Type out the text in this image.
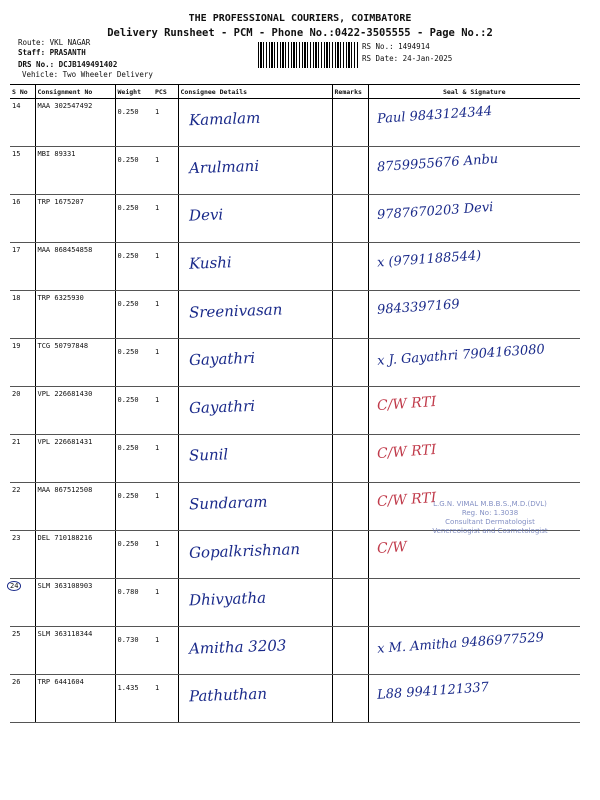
THE PROFESSIONAL COURIERS, COIMBATORE
Delivery Runsheet - PCM - Phone No.:0422-3505555 - Page No.:2
Route: VKL NAGAR
Staff: PRASANTH
DRS No.: DCJB149491402
Vehicle: Two Wheeler Delivery
RS No.: 1494914
RS Date: 24-Jan-2025
S No	Consignment No	Weight	PCS	Consignee Details	Remarks	Seal & Signature
14	MAA 302547492	0.250	1	Kamalam		Paul 9843124344
15	MBI 89331	0.250	1	Arulmani		8759955676 Anbu
16	TRP 1675207	0.250	1	Devi		9787670203 Devi
17	MAA 868454858	0.250	1	Kushi		x (9791188544)
18	TRP 6325930	0.250	1	Sreenivasan		9843397169
19	TCG 50797848	0.250	1	Gayathri		x J. Gayathri 7904163080
20	VPL 226681430	0.250	1	Gayathri		C/W RTI
21	VPL 226681431	0.250	1	Sunil		C/W RTI
22	MAA 867512508	0.250	1	Sundaram		C/W RTI
23	DEL 710188216	0.250	1	Gopalkrishnan		C/W
24	SLM 363108903	0.780	1	Dhivyatha		
25	SLM 363118344	0.730	1	Amitha 3203		x M. Amitha 9486977529
26	TRP 6441604	1.435	1	Pathuthan		L88 9941121337
L.G.N. VIMAL M.B.B.S.,M.D.(DVL)
Reg. No: 1.3038
Consultant Dermatologist
Venereologist and Cosmetologist
